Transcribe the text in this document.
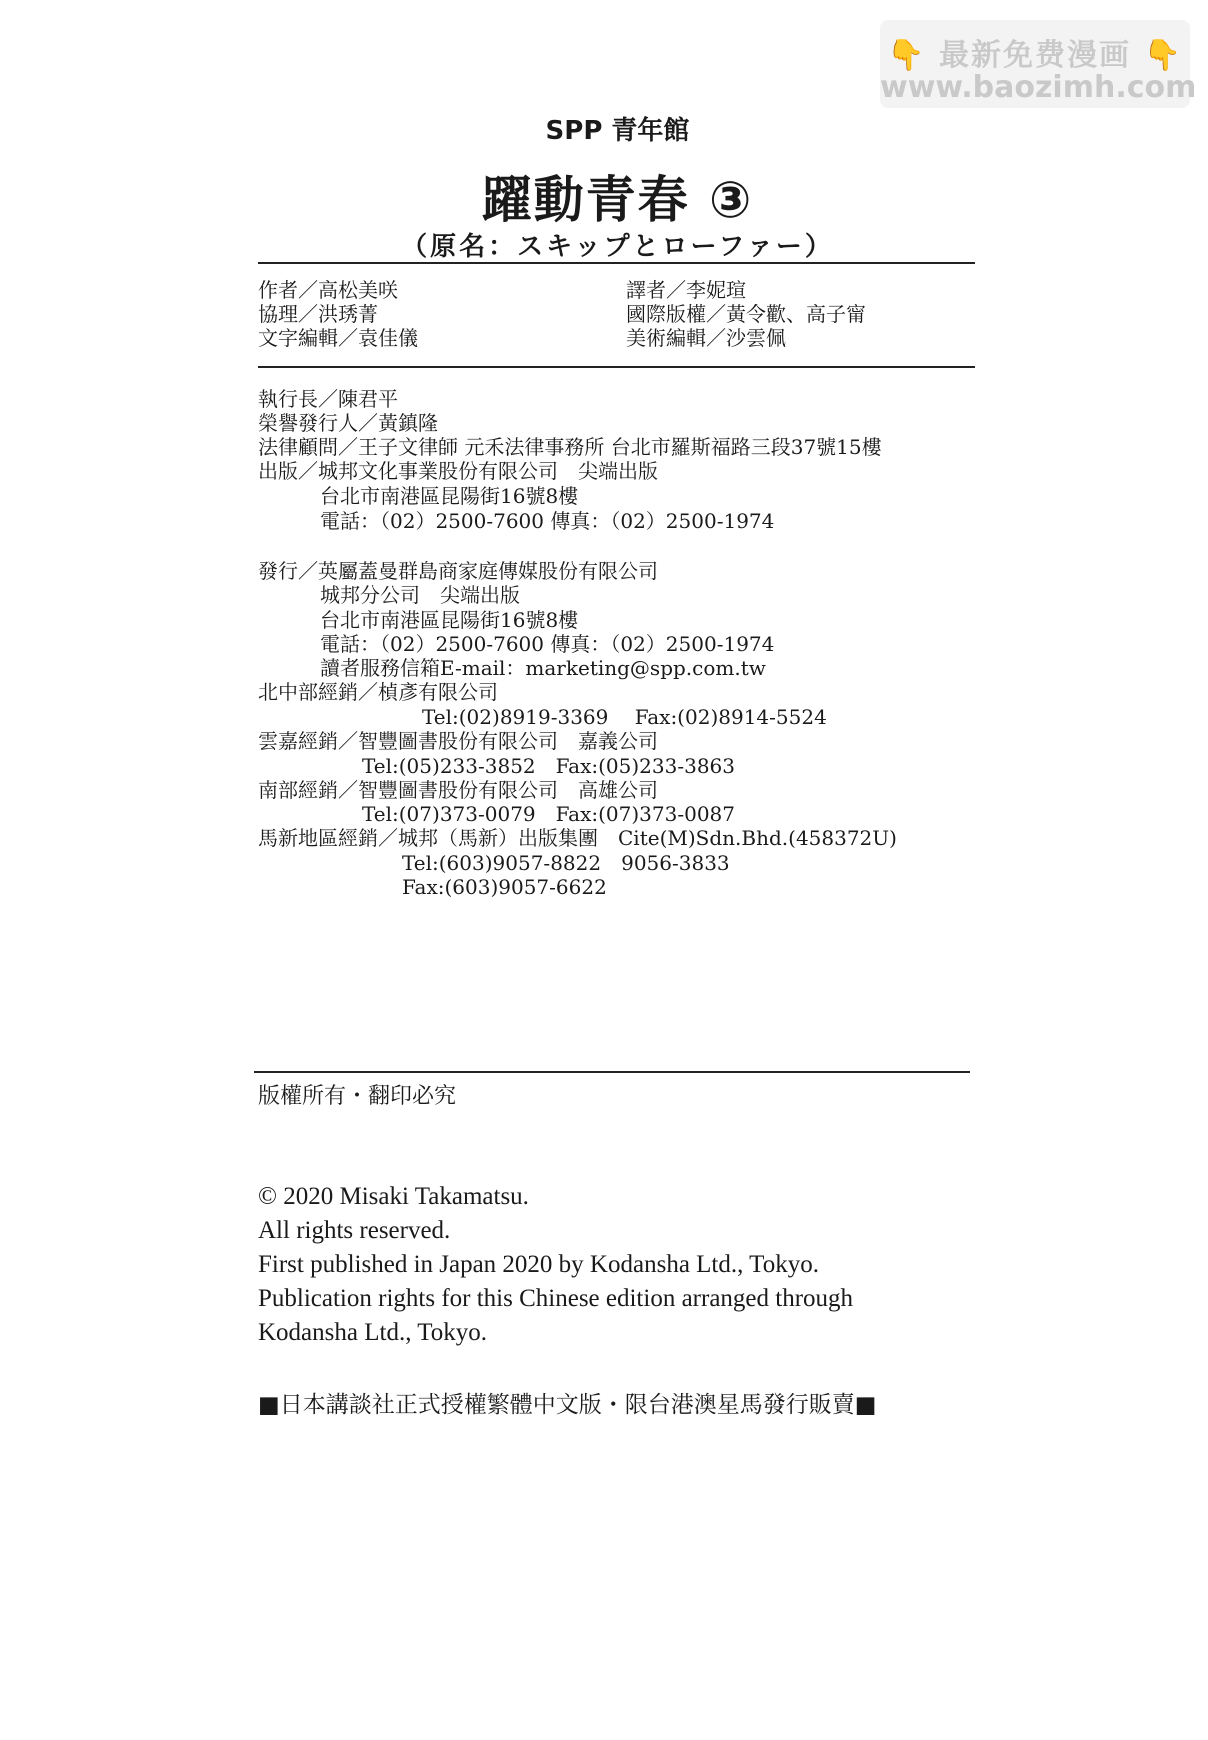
👇 最新免费漫画 👇
www.baozimh.com
SPP 青年館
躍動青春 ③
（原名：スキップとローファー）
作者／高松美咲
協理／洪琇菁
文字編輯／袁佳儀
譯者／李妮瑄
國際版權／黃令歡、高子甯
美術編輯／沙雲佩
執行長／陳君平
榮譽發行人／黃鎮隆
法律顧問／王子文律師 元禾法律事務所 台北市羅斯福路三段37號15樓
出版／城邦文化事業股份有限公司　尖端出版
台北市南港區昆陽街16號8樓
電話：（02）2500-7600 傳真：（02）2500-1974
發行／英屬蓋曼群島商家庭傳媒股份有限公司
城邦分公司　尖端出版
台北市南港區昆陽街16號8樓
電話：（02）2500-7600 傳真：（02）2500-1974
讀者服務信箱E-mail：marketing@spp.com.tw
北中部經銷／楨彥有限公司
Tel:(02)8919-3369　 Fax:(02)8914-5524
雲嘉經銷／智豐圖書股份有限公司　嘉義公司
Tel:(05)233-3852　Fax:(05)233-3863
南部經銷／智豐圖書股份有限公司　高雄公司
Tel:(07)373-0079　Fax:(07)373-0087
馬新地區經銷／城邦（馬新）出版集團　Cite(M)Sdn.Bhd.(458372U)
Tel:(603)9057-8822　9056-3833
Fax:(603)9057-6622
版權所有・翻印必究
© 2020 Misaki Takamatsu.
All rights reserved.
First published in Japan 2020 by Kodansha Ltd., Tokyo.
Publication rights for this Chinese edition arranged through
Kodansha Ltd., Tokyo.
■日本講談社正式授權繁體中文版・限台港澳星馬發行販賣■
